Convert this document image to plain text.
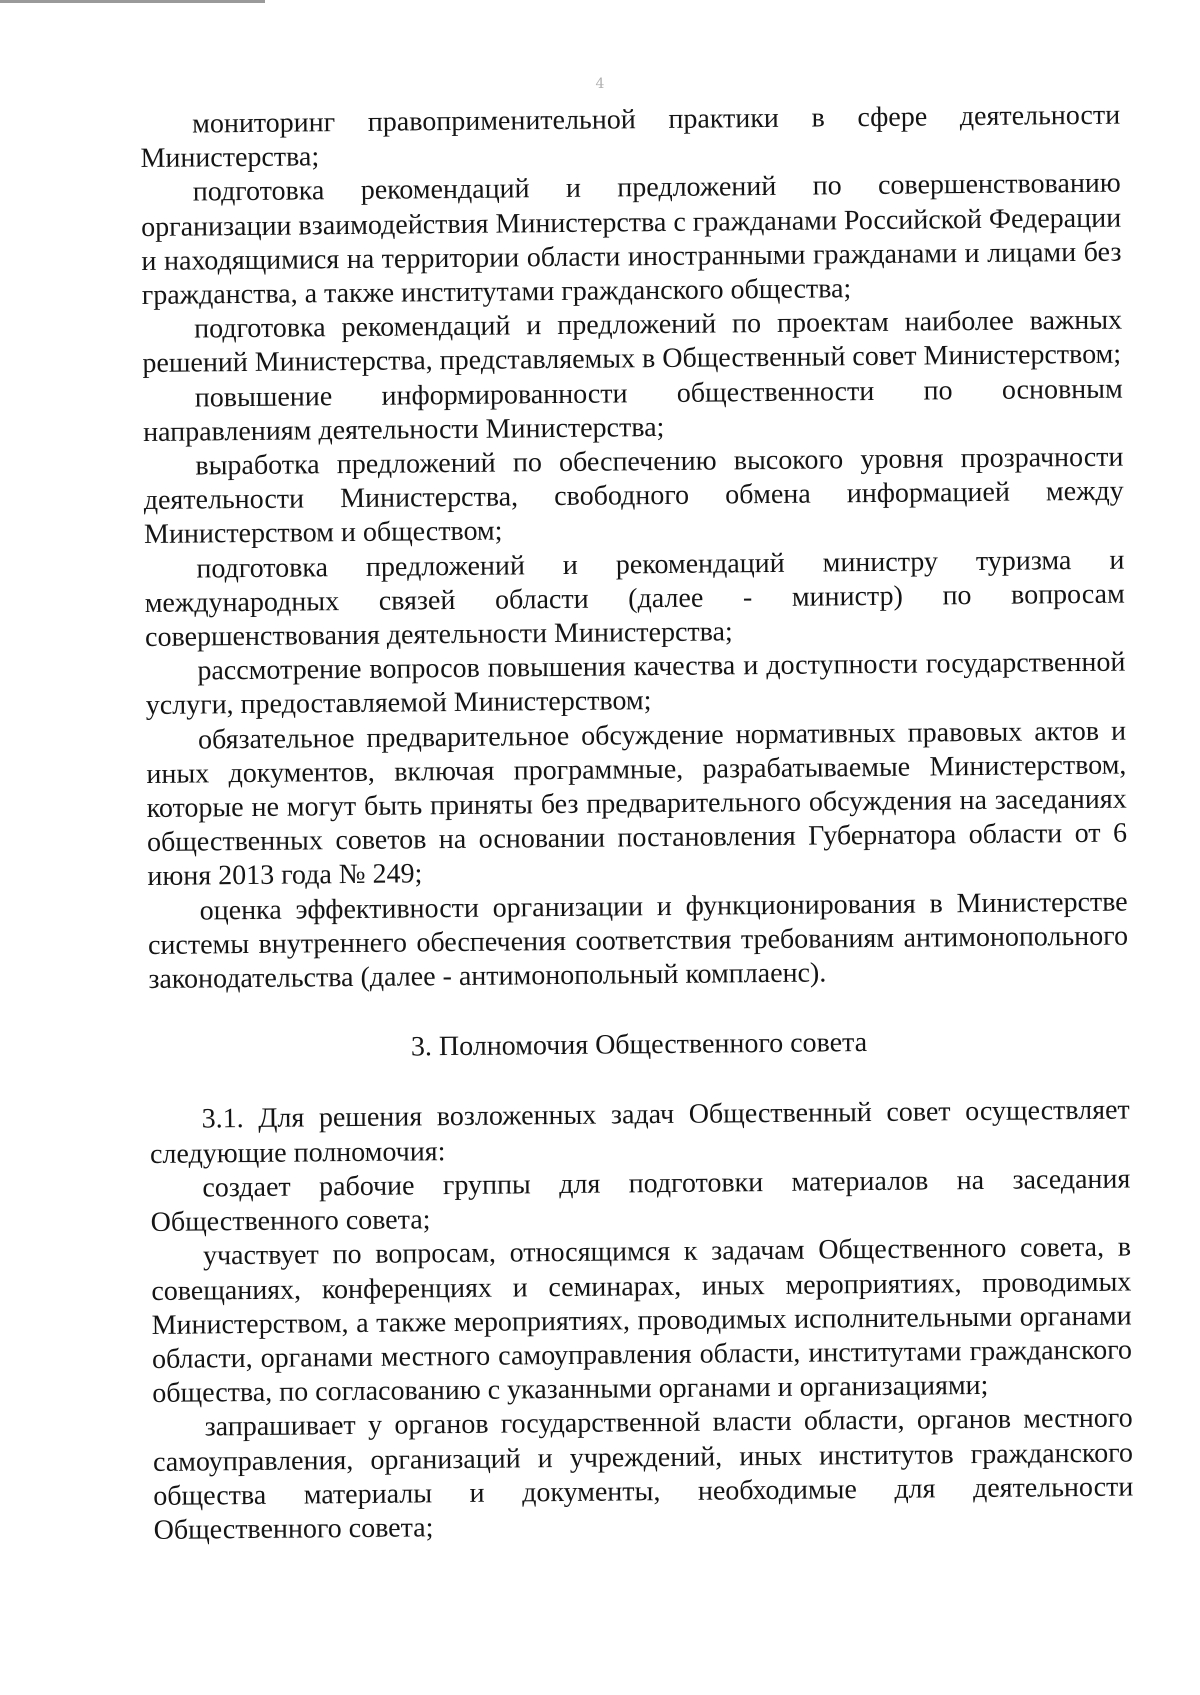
4

мониторинг правоприменительной практики в сфере деятельности Министерства;

подготовка рекомендаций и предложений по совершенствованию организации взаимодействия Министерства с гражданами Российской Федерации и находящимися на территории области иностранными гражданами и лицами без гражданства, а также институтами гражданского общества;

подготовка рекомендаций и предложений по проектам наиболее важных решений Министерства, представляемых в Общественный совет Министерством;

повышение информированности общественности по основным направлениям деятельности Министерства;

выработка предложений по обеспечению высокого уровня прозрачности деятельности Министерства, свободного обмена информацией между Министерством и обществом;

подготовка предложений и рекомендаций министру туризма и международных связей области (далее - министр) по вопросам совершенствования деятельности Министерства;

рассмотрение вопросов повышения качества и доступности государственной услуги, предоставляемой Министерством;

обязательное предварительное обсуждение нормативных правовых актов и иных документов, включая программные, разрабатываемые Министерством, которые не могут быть приняты без предварительного обсуждения на заседаниях общественных советов на основании постановления Губернатора области от 6 июня 2013 года № 249;

оценка эффективности организации и функционирования в Министерстве системы внутреннего обеспечения соответствия требованиям антимонопольного законодательства (далее - антимонопольный комплаенс).

3. Полномочия Общественного совета

3.1. Для решения возложенных задач Общественный совет осуществляет следующие полномочия:

создает рабочие группы для подготовки материалов на заседания Общественного совета;

участвует по вопросам, относящимся к задачам Общественного совета, в совещаниях, конференциях и семинарах, иных мероприятиях, проводимых Министерством, а также мероприятиях, проводимых исполнительными органами области, органами местного самоуправления области, институтами гражданского общества, по согласованию с указанными органами и организациями;

запрашивает у органов государственной власти области, органов местного самоуправления, организаций и учреждений, иных институтов гражданского общества материалы и документы, необходимые для деятельности Общественного совета;
